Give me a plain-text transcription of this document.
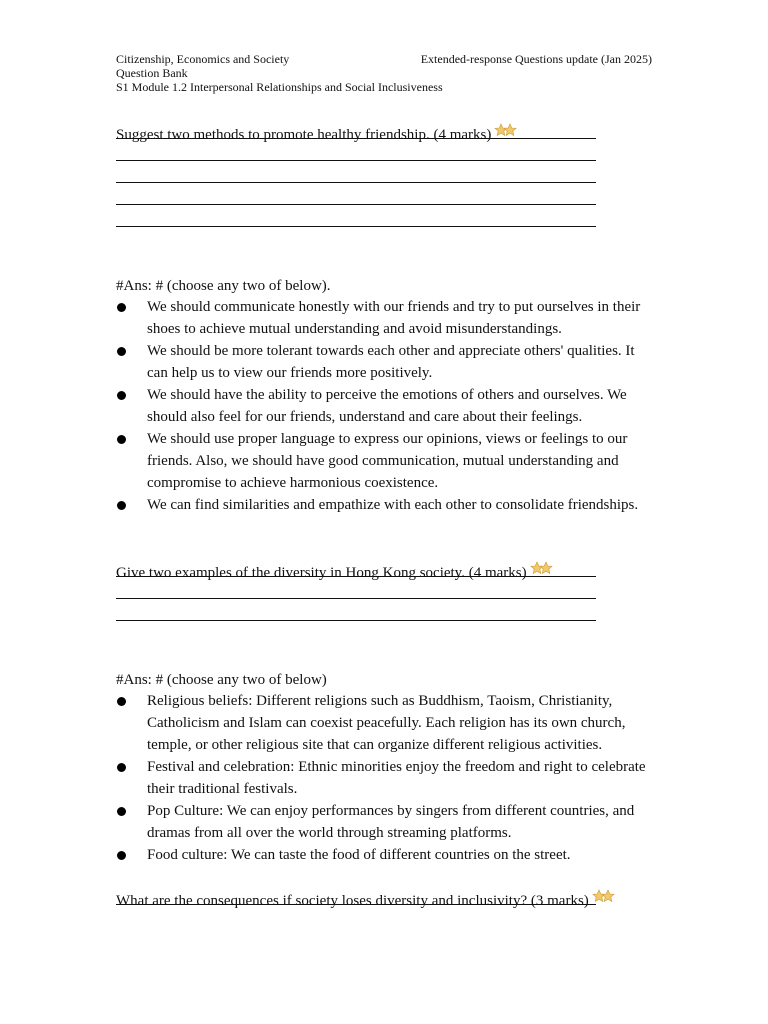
Citizenship, Economics and Society	Extended-response Questions update (Jan 2025)
Question Bank
S1 Module 1.2 Interpersonal Relationships and Social Inclusiveness
Suggest two methods to promote healthy friendship. (4 marks)
#Ans: # (choose any two of below).
We should communicate honestly with our friends and try to put ourselves in their shoes to achieve mutual understanding and avoid misunderstandings.
We should be more tolerant towards each other and appreciate others' qualities. It can help us to view our friends more positively.
We should have the ability to perceive the emotions of others and ourselves. We should also feel for our friends, understand and care about their feelings.
We should use proper language to express our opinions, views or feelings to our friends. Also, we should have good communication, mutual understanding and compromise to achieve harmonious coexistence.
We can find similarities and empathize with each other to consolidate friendships.
Give two examples of the diversity in Hong Kong society. (4 marks)
#Ans: # (choose any two of below)
Religious beliefs: Different religions such as Buddhism, Taoism, Christianity, Catholicism and Islam can coexist peacefully. Each religion has its own church, temple, or other religious site that can organize different religious activities.
Festival and celebration: Ethnic minorities enjoy the freedom and right to celebrate their traditional festivals.
Pop Culture: We can enjoy performances by singers from different countries, and dramas from all over the world through streaming platforms.
Food culture: We can taste the food of different countries on the street.
What are the consequences if society loses diversity and inclusivity? (3 marks)
